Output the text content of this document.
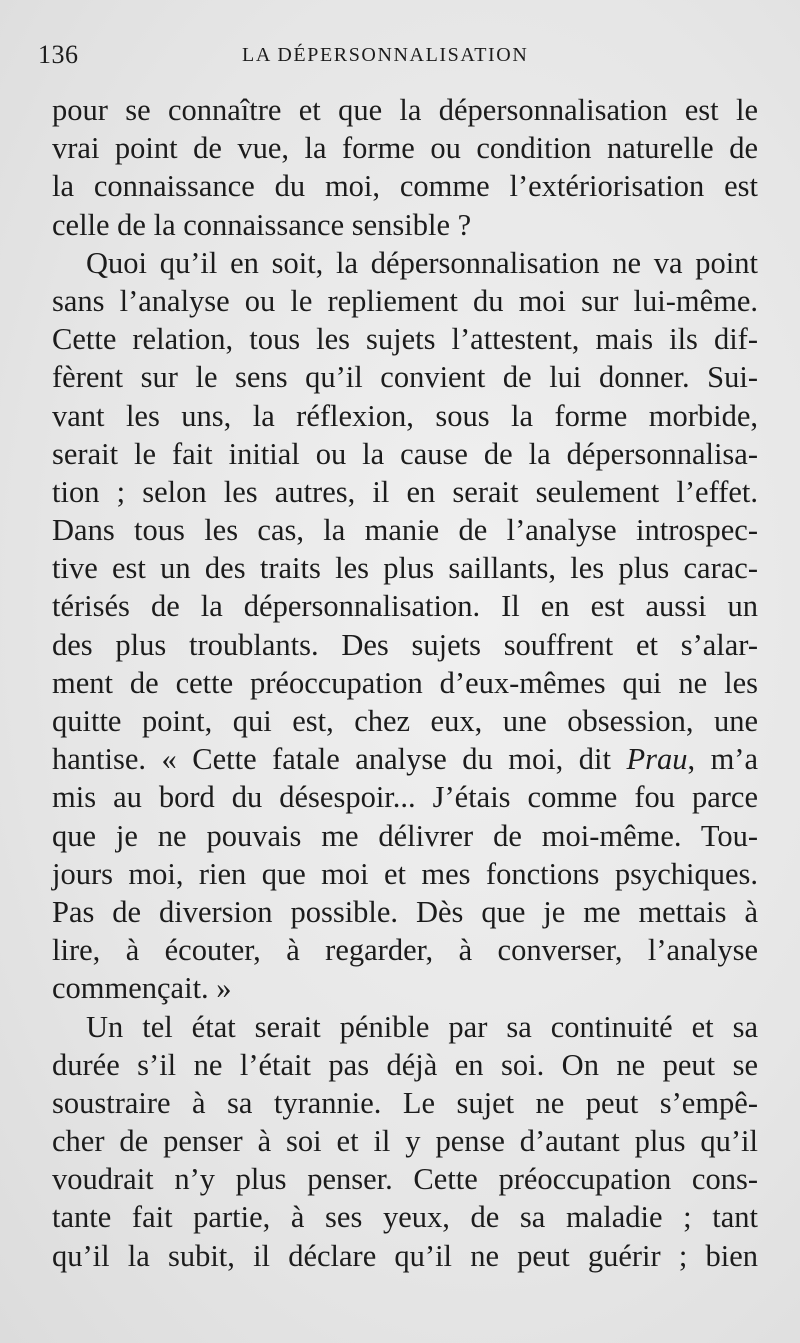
136	LA DÉPERSONNALISATION
pour se connaître et que la dépersonnalisation est le
vrai point de vue, la forme ou condition naturelle de
la connaissance du moi, comme l’extériorisation est
celle de la connaissance sensible ?
Quoi qu’il en soit, la dépersonnalisation ne va point
sans l’analyse ou le repliement du moi sur lui-même.
Cette relation, tous les sujets l’attestent, mais ils dif-
fèrent sur le sens qu’il convient de lui donner. Sui-
vant les uns, la réflexion, sous la forme morbide,
serait le fait initial ou la cause de la dépersonnalisa-
tion ; selon les autres, il en serait seulement l’effet.
Dans tous les cas, la manie de l’analyse introspec-
tive est un des traits les plus saillants, les plus carac-
térisés de la dépersonnalisation. Il en est aussi un
des plus troublants. Des sujets souffrent et s’alar-
ment de cette préoccupation d’eux-mêmes qui ne les
quitte point, qui est, chez eux, une obsession, une
hantise. « Cette fatale analyse du moi, dit Prau, m’a
mis au bord du désespoir... J’étais comme fou parce
que je ne pouvais me délivrer de moi-même. Tou-
jours moi, rien que moi et mes fonctions psychiques.
Pas de diversion possible. Dès que je me mettais à
lire, à écouter, à regarder, à converser, l’analyse
commençait. »
Un tel état serait pénible par sa continuité et sa
durée s’il ne l’était pas déjà en soi. On ne peut se
soustraire à sa tyrannie. Le sujet ne peut s’empê-
cher de penser à soi et il y pense d’autant plus qu’il
voudrait n’y plus penser. Cette préoccupation cons-
tante fait partie, à ses yeux, de sa maladie ; tant
qu’il la subit, il déclare qu’il ne peut guérir ; bien
